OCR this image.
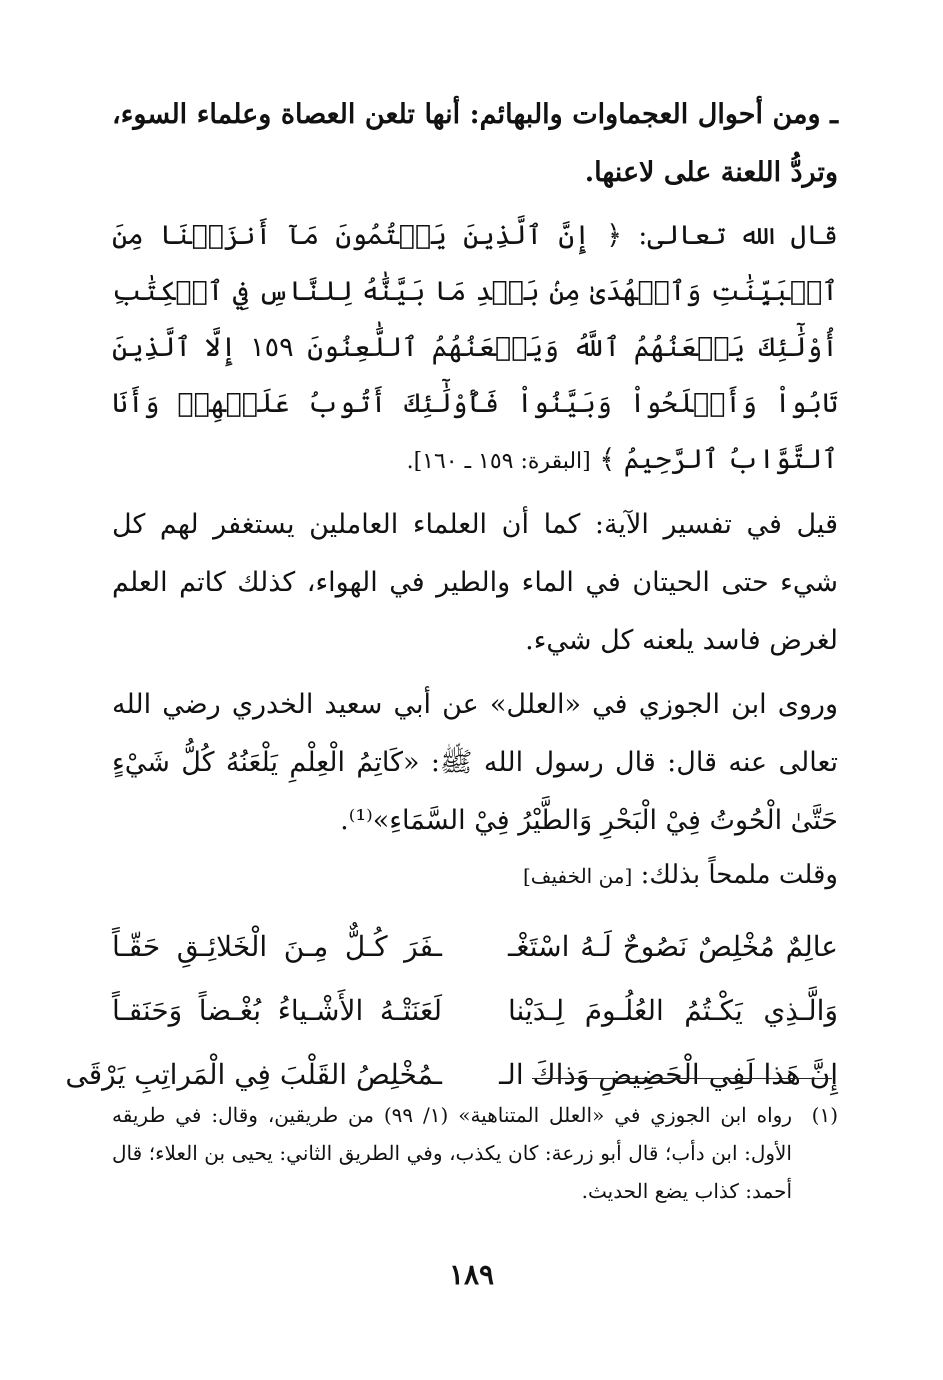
ـ ومن أحوال العجماوات والبهائم: أنها تلعن العصاة وعلماء السوء، وتردُّ اللعنة على لاعنها.

قال الله تعالى: ﴿ إِنَّ ٱلَّذِينَ يَكۡتُمُونَ مَآ أَنزَلۡنَا مِنَ ٱلۡبَيِّنَٰتِ وَٱلۡهُدَىٰ مِنۢ بَعۡدِ مَا بَيَّنَّٰهُ لِلنَّاسِ فِي ٱلۡكِتَٰبِ أُوْلَٰٓئِكَ يَلۡعَنُهُمُ ٱللَّهُ وَيَلۡعَنُهُمُ ٱللَّٰعِنُونَ ١٥٩ إِلَّا ٱلَّذِينَ تَابُواْ وَأَصۡلَحُواْ وَبَيَّنُواْ فَأُوْلَٰٓئِكَ أَتُوبُ عَلَيۡهِمۡ وَأَنَا ٱلتَّوَّابُ ٱلرَّحِيمُ ﴾ [البقرة: ١٥٩ ـ ١٦٠].

قيل في تفسير الآية: كما أن العلماء العاملين يستغفر لهم كل شيء حتى الحيتان في الماء والطير في الهواء، كذلك كاتم العلم لغرض فاسد يلعنه كل شيء.

وروى ابن الجوزي في «العلل» عن أبي سعيد الخدري رضي الله تعالى عنه قال: قال رسول الله ﷺ: «كَاتِمُ الْعِلْمِ يَلْعَنُهُ كُلُّ شَيْءٍ حَتَّىٰ الْحُوتُ فِيْ الْبَحْرِ وَالطَّيْرُ فِيْ السَّمَاءِ»⁽¹⁾.

وقلت ملمحاً بذلك: [من الخفيف]

عالِمٌ مُخْلِصٌ نَصُوحٌ لَـهُ اسْتَغْـ
ـفَرَ كُـلٌّ مِـنَ الْخَلائِـقِ حَقّـاً
وَالَّـذِي يَكْـتُمُ العُلُـومَ لِـدَيْنا
لَعَنَتْـهُ الأَشْـياءُ بُغْـضاً وَحَنَقـاً
إِنَّ هَذا لَفِي الْحَضِيضِ وَذاكَ الـ
ـمُخْلِصُ القَلْبَ فِي الْمَراتِبِ يَرْقَى
(١)
رواه ابن الجوزي في «العلل المتناهية» (١/ ٩٩) من طريقين، وقال: في طريقه الأول: ابن دأب؛ قال أبو زرعة: كان يكذب، وفي الطريق الثاني: يحيى بن العلاء؛ قال أحمد: كذاب يضع الحديث.
١٨٩
